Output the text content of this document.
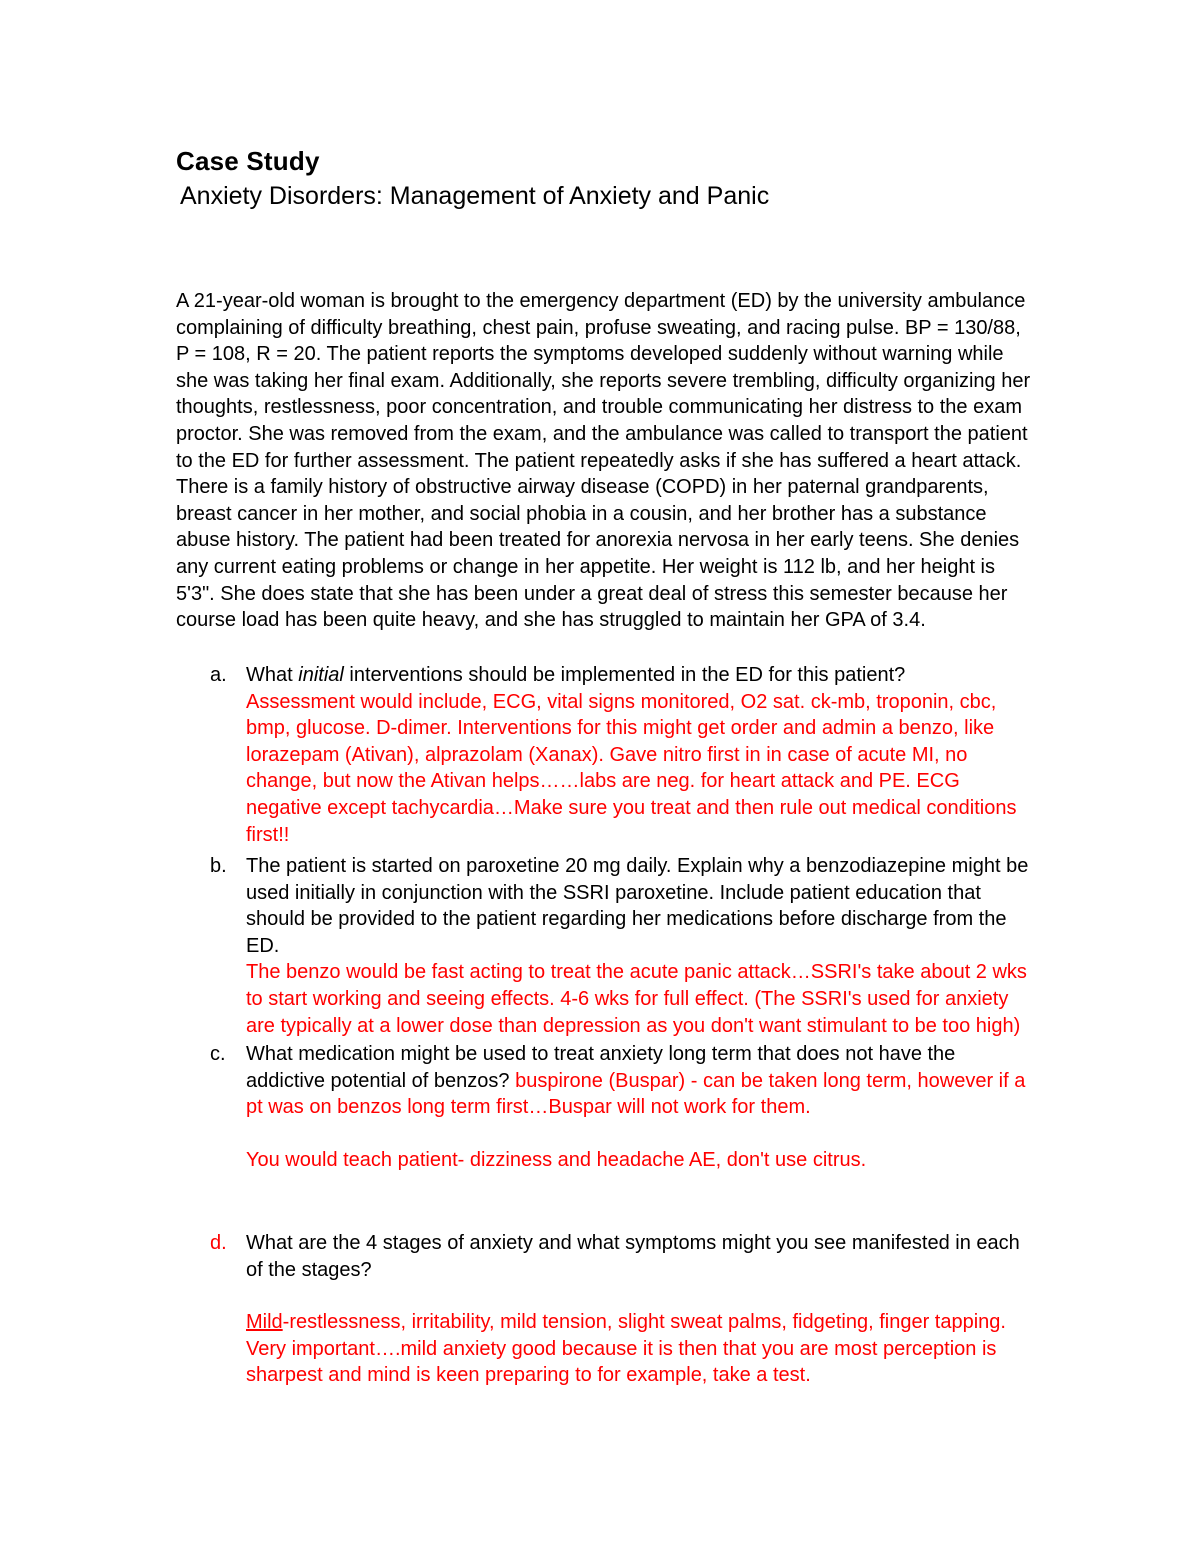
Case Study
Anxiety Disorders: Management of Anxiety and Panic

A 21-year-old woman is brought to the emergency department (ED) by the university ambulance complaining of difficulty breathing, chest pain, profuse sweating, and racing pulse. BP = 130/88, P = 108, R = 20. The patient reports the symptoms developed suddenly without warning while she was taking her final exam. Additionally, she reports severe trembling, difficulty organizing her thoughts, restlessness, poor concentration, and trouble communicating her distress to the exam proctor. She was removed from the exam, and the ambulance was called to transport the patient to the ED for further assessment. The patient repeatedly asks if she has suffered a heart attack. There is a family history of obstructive airway disease (COPD) in her paternal grandparents, breast cancer in her mother, and social phobia in a cousin, and her brother has a substance abuse history. The patient had been treated for anorexia nervosa in her early teens. She denies any current eating problems or change in her appetite. Her weight is 112 lb, and her height is 5'3". She does state that she has been under a great deal of stress this semester because her course load has been quite heavy, and she has struggled to maintain her GPA of 3.4.

a. What initial interventions should be implemented in the ED for this patient?

Assessment would include, ECG, vital signs monitored, O2 sat. ck-mb, troponin, cbc, bmp, glucose. D-dimer. Interventions for this might get order and admin a benzo, like lorazepam (Ativan), alprazolam (Xanax). Gave nitro first in in case of acute MI, no change, but now the Ativan helps……labs are neg. for heart attack and PE. ECG negative except tachycardia…Make sure you treat and then rule out medical conditions first!!

b. The patient is started on paroxetine 20 mg daily. Explain why a benzodiazepine might be used initially in conjunction with the SSRI paroxetine. Include patient education that should be provided to the patient regarding her medications before discharge from the ED.

The benzo would be fast acting to treat the acute panic attack…SSRI's take about 2 wks to start working and seeing effects. 4-6 wks for full effect. (The SSRI's used for anxiety are typically at a lower dose than depression as you don't want stimulant to be too high)

c. What medication might be used to treat anxiety long term that does not have the addictive potential of benzos? buspirone (Buspar) - can be taken long term, however if a pt was on benzos long term first…Buspar will not work for them.

You would teach patient- dizziness and headache AE, don't use citrus.

d. What are the 4 stages of anxiety and what symptoms might you see manifested in each of the stages?

Mild-restlessness, irritability, mild tension, slight sweat palms, fidgeting, finger tapping. Very important….mild anxiety good because it is then that you are most perception is sharpest and mind is keen preparing to for example, take a test.
